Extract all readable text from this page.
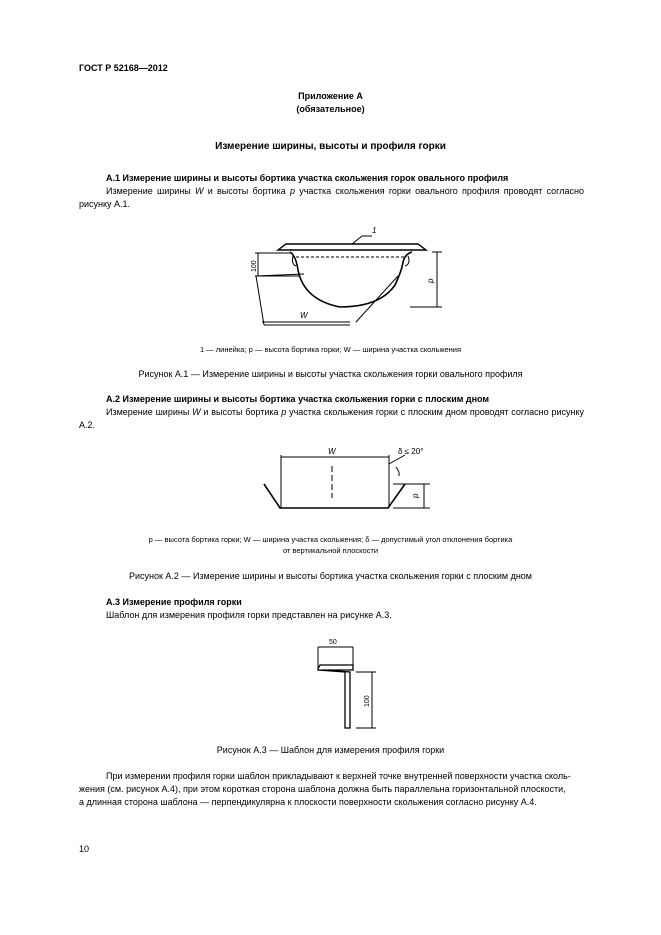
ГОСТ Р 52168—2012
Приложение А
(обязательное)
Измерение ширины, высоты и профиля горки
А.1 Измерение ширины и высоты бортика участка скольжения горок овального профиля
Измерение ширины W и высоты бортика p участка скольжения горки овального профиля проводят согласно рисунку А.1.
1
100
p
W
1 — линейка; p — высота бортика горки; W — ширина участка скольжения
Рисунок А.1 — Измерение ширины и высоты участка скольжения горки овального профиля
А.2 Измерение ширины и высоты бортика участка скольжения горки с плоским дном
Измерение ширины W и высоты бортика p участка скольжения горки с плоским дном проводят согласно рисунку А.2.
W	δ ≤ 20°
p
p — высота бортика горки; W — ширина участка скольжения; δ — допустимый угол отклонения бортика
от вертикальной плоскости
Рисунок А.2 — Измерение ширины и высоты бортика участка скольжения горки с плоским дном
А.3 Измерение профиля горки
Шаблон для измерения профиля горки представлен на рисунке А.3.
50
100
Рисунок А.3 — Шаблон для измерения профиля горки
При измерении профиля горки шаблон прикладывают к верхней точке внутренней поверхности участка сколь-
жения (см. рисунок А.4), при этом короткая сторона шаблона должна быть параллельна горизонтальной плоскости,
а длинная сторона шаблона — перпендикулярна к плоскости поверхности скольжения согласно рисунку А.4.
10
